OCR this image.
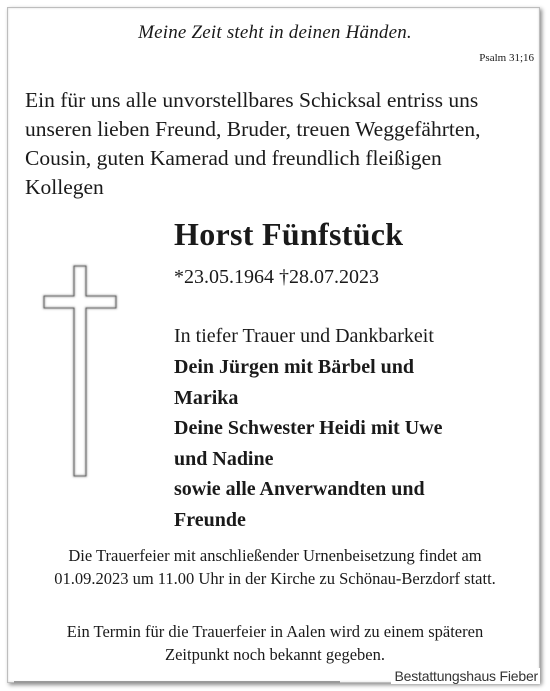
Meine Zeit steht in deinen Händen.
Psalm 31;16
Ein für uns alle unvorstellbares Schicksal entriss uns
unseren lieben Freund, Bruder, treuen Weggefährten,
Cousin, guten Kamerad und freundlich fleißigen
Kollegen
Horst Fünfstück
*23.05.1964 †28.07.2023
In tiefer Trauer und Dankbarkeit
Dein Jürgen mit Bärbel und
Marika
Deine Schwester Heidi mit Uwe
und Nadine
sowie alle Anverwandten und
Freunde
Die Trauerfeier mit anschließender Urnenbeisetzung findet am
01.09.2023 um 11.00 Uhr in der Kirche zu Schönau-Berzdorf statt.
Ein Termin für die Trauerfeier in Aalen wird zu einem späteren
Zeitpunkt noch bekannt gegeben.
Bestattungshaus Fieber
